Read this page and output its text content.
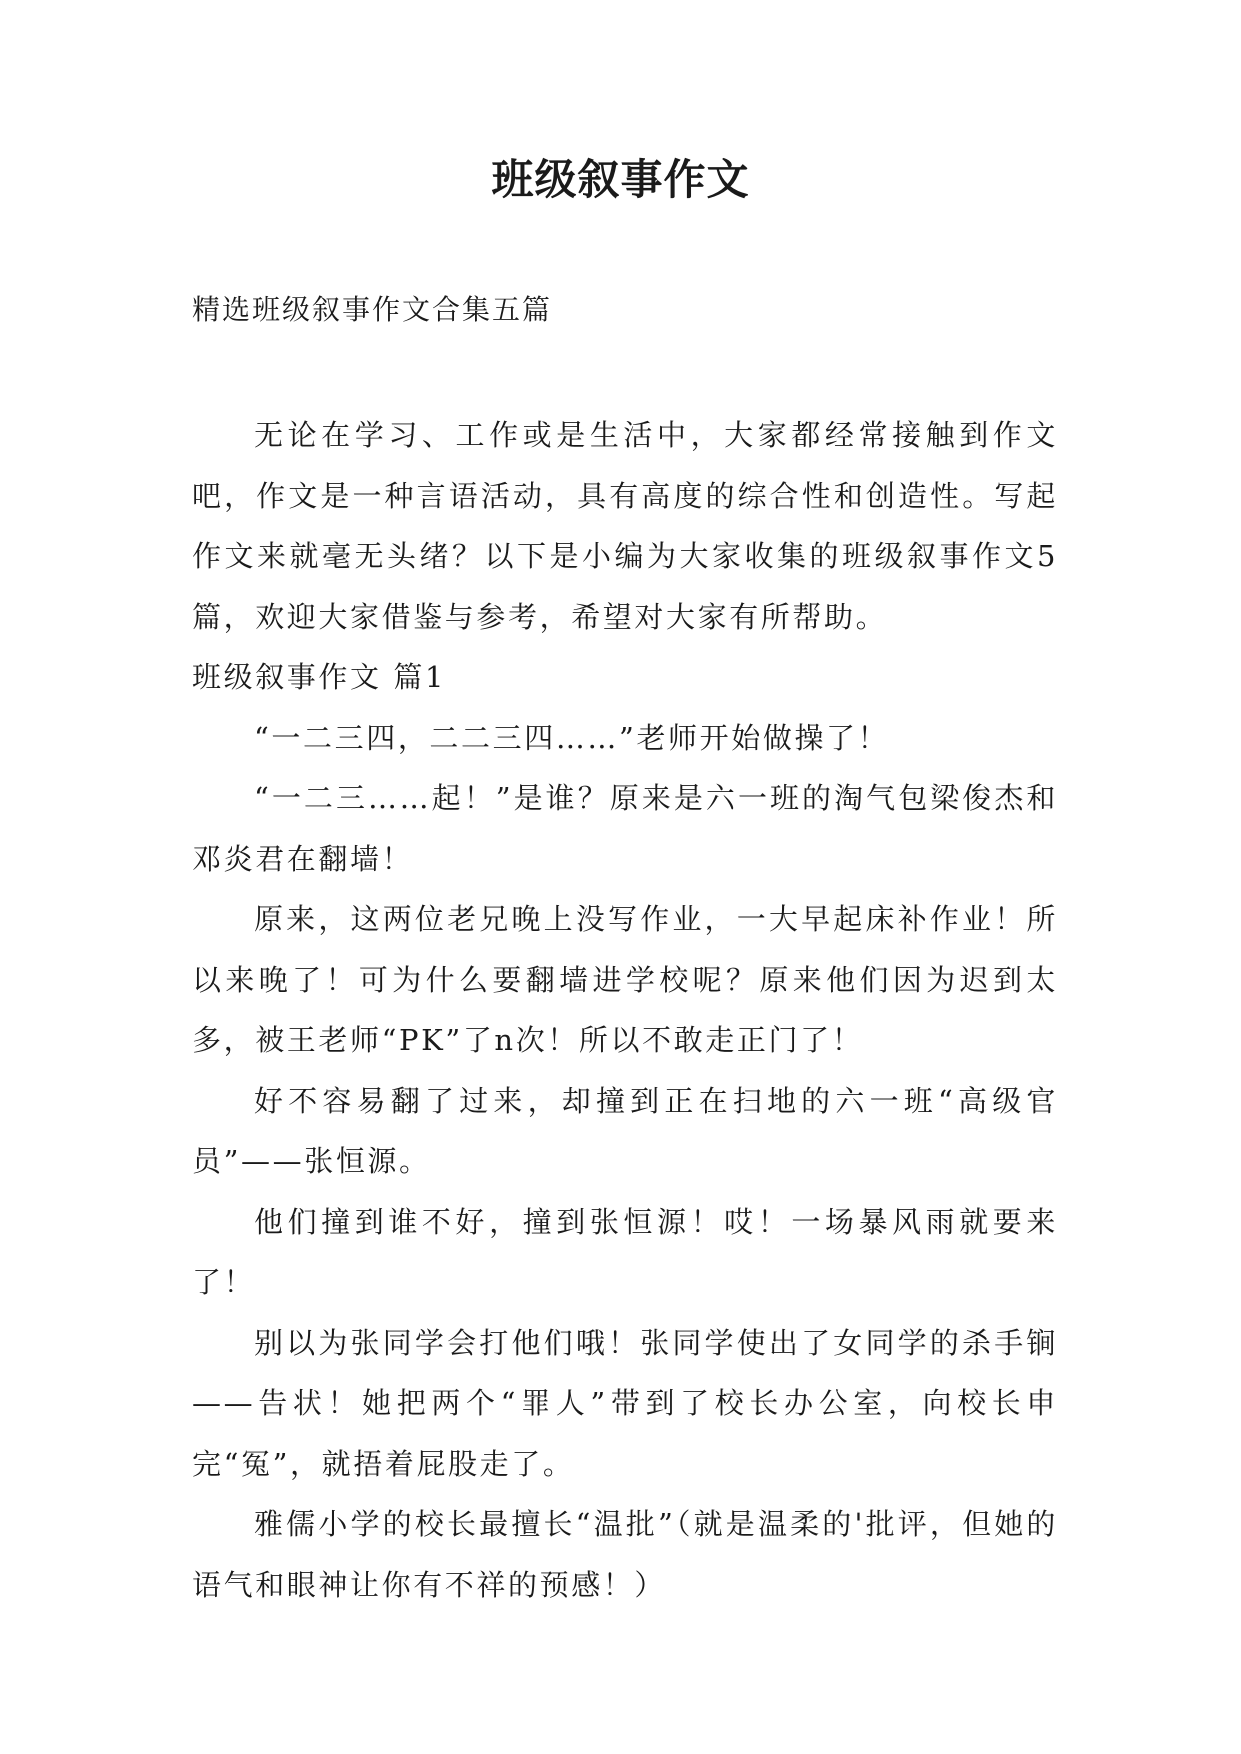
班级叙事作文

精选班级叙事作文合集五篇

无论在学习、工作或是生活中，大家都经常接触到作文吧，作文是一种言语活动，具有高度的综合性和创造性。写起作文来就毫无头绪？以下是小编为大家收集的班级叙事作文5篇，欢迎大家借鉴与参考，希望对大家有所帮助。

班级叙事作文 篇1

“一二三四，二二三四……”老师开始做操了！

“一二三……起！”是谁？原来是六一班的淘气包梁俊杰和邓炎君在翻墙！

原来，这两位老兄晚上没写作业，一大早起床补作业！所以来晚了！可为什么要翻墙进学校呢？原来他们因为迟到太多，被王老师“PK”了n次！所以不敢走正门了！

好不容易翻了过来，却撞到正在扫地的六一班“高级官员”——张恒源。

他们撞到谁不好，撞到张恒源！哎！一场暴风雨就要来了！

别以为张同学会打他们哦！张同学使出了女同学的杀手锏——告状！她把两个“罪人”带到了校长办公室，向校长申完“冤”，就捂着屁股走了。

雅儒小学的校长最擅长“温批”（就是温柔的'批评，但她的语气和眼神让你有不祥的预感！）
